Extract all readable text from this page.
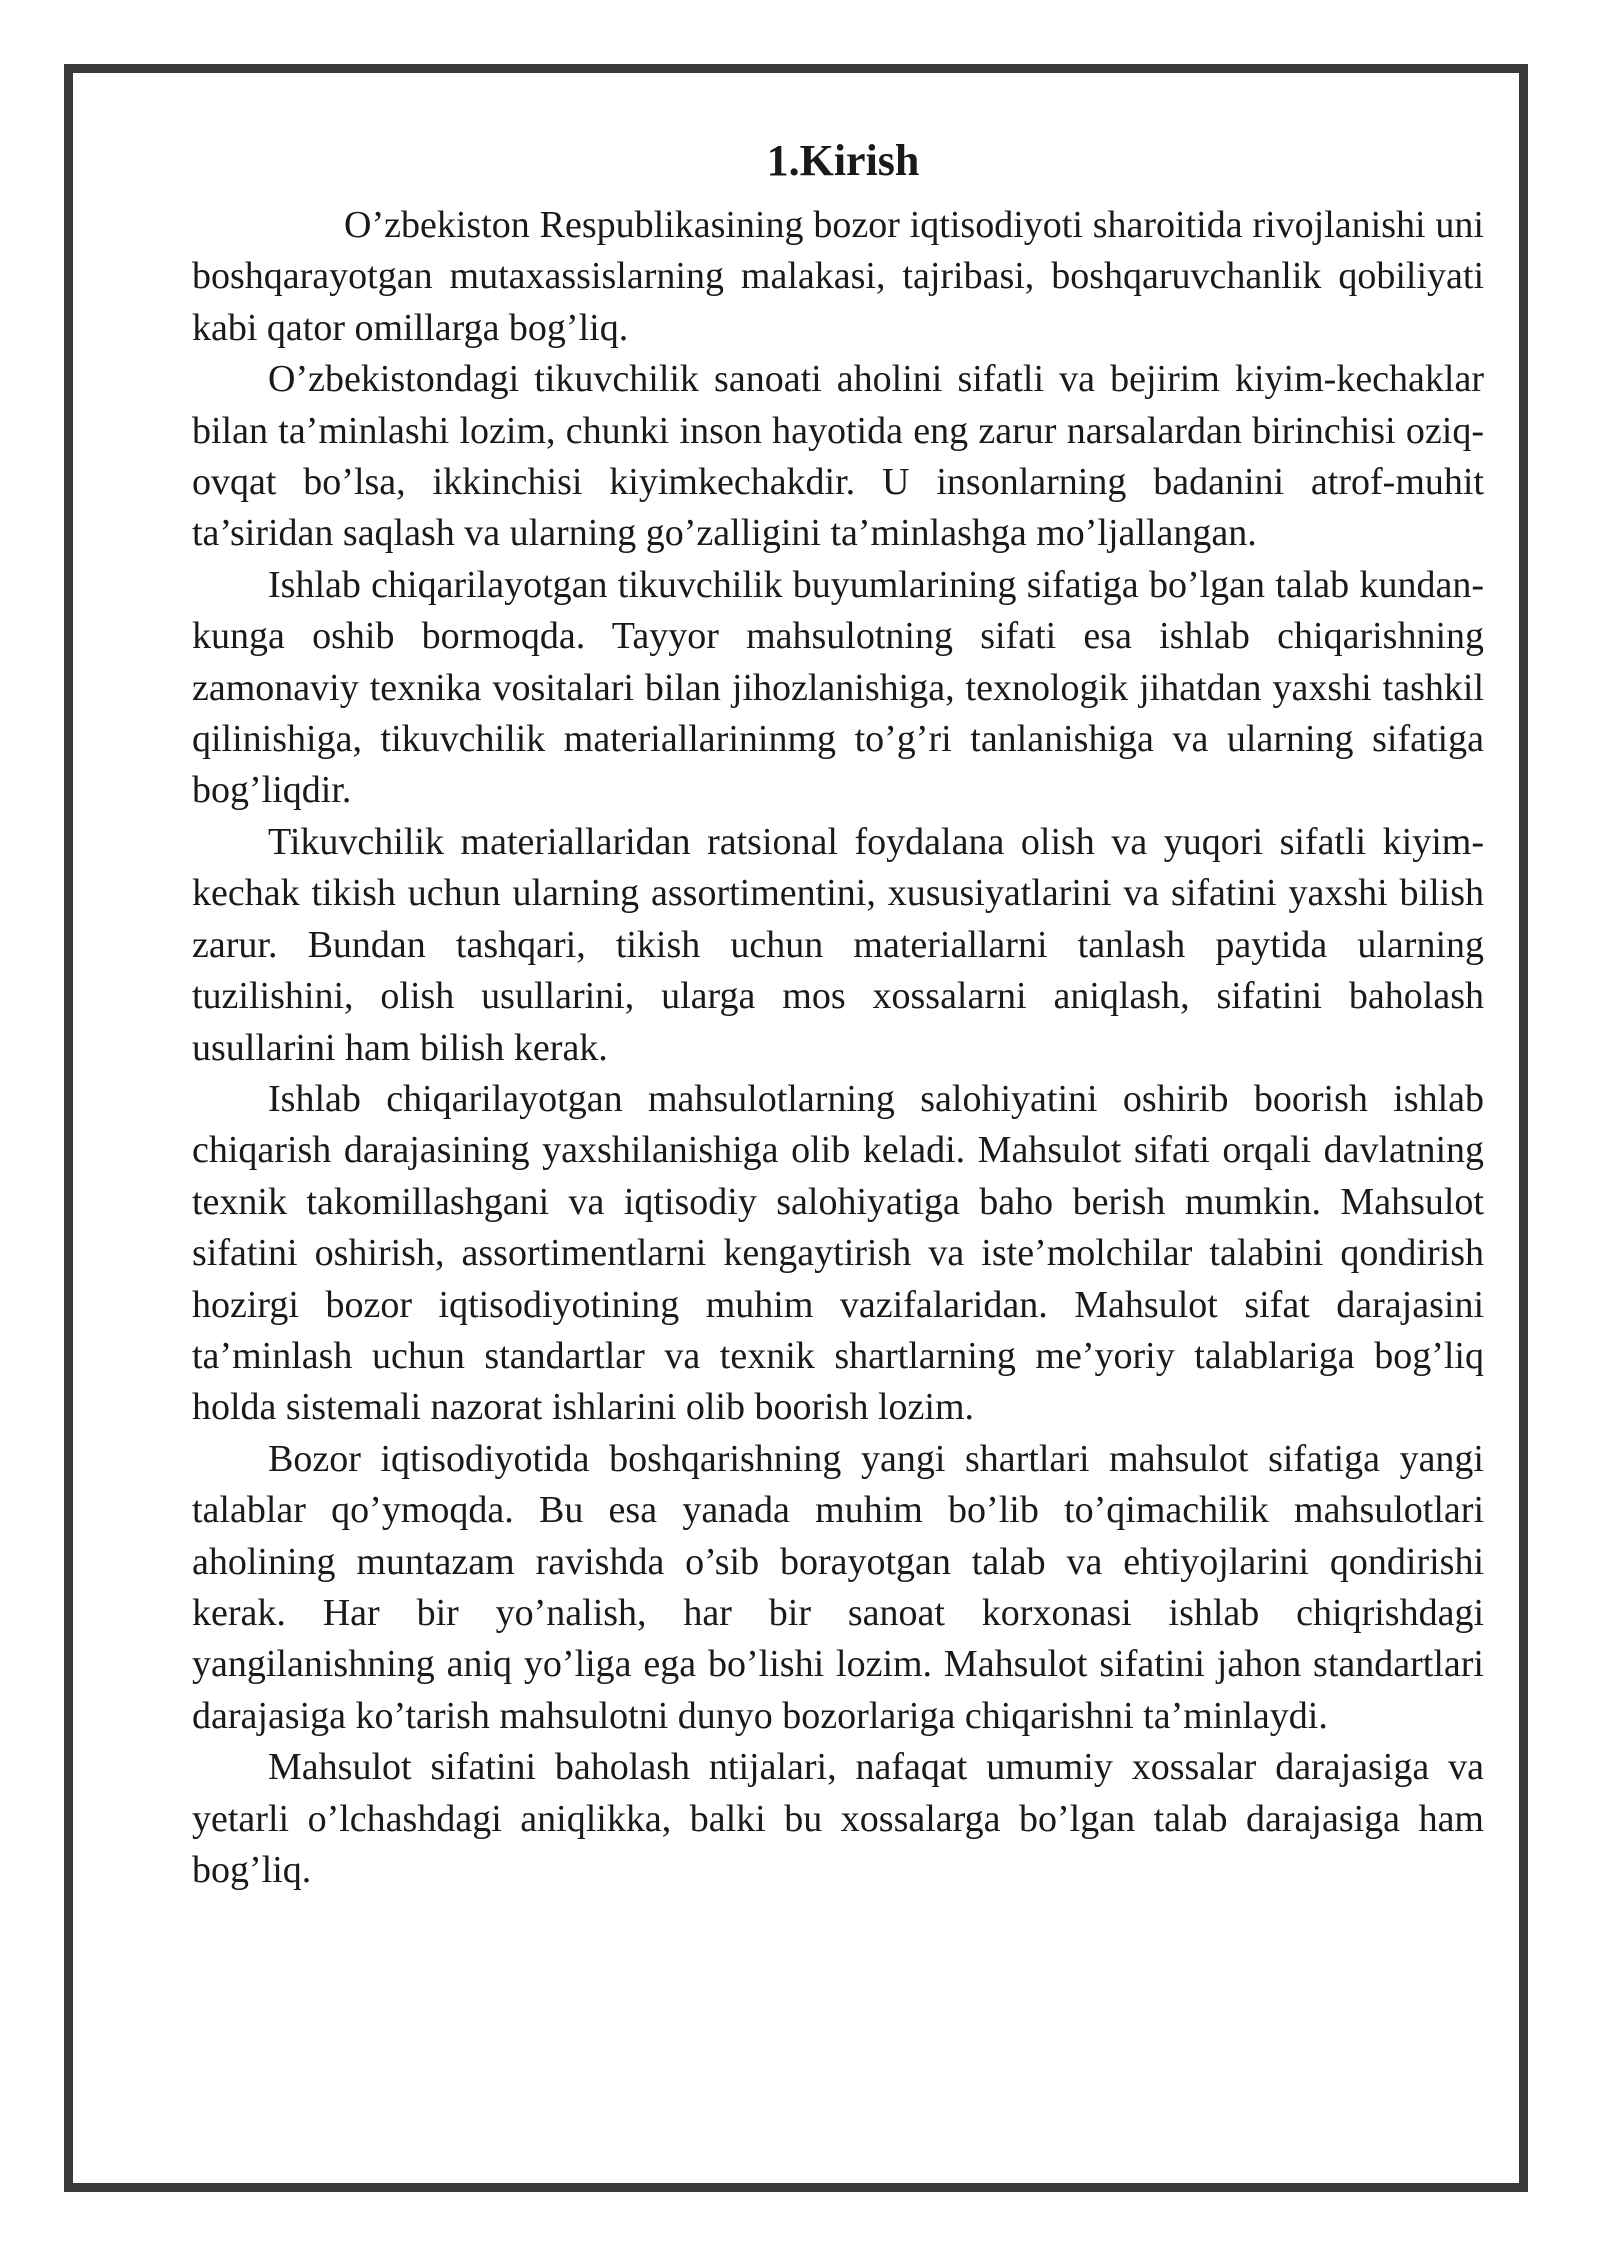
1.Kirish

O’zbekiston Respublikasining bozor iqtisodiyoti sharoitida rivojlanishi uni boshqarayotgan mutaxassislarning malakasi, tajribasi, boshqaruvchanlik qobiliyati kabi qator omillarga bog’liq.

O’zbekistondagi tikuvchilik sanoati aholini sifatli va bejirim kiyim-kechaklar bilan ta’minlashi lozim, chunki inson hayotida eng zarur narsalardan birinchisi oziq-ovqat bo’lsa, ikkinchisi kiyimkechakdir. U insonlarning badanini atrof-muhit ta’siridan saqlash va ularning go’zalligini ta’minlashga mo’ljallangan.

Ishlab chiqarilayotgan tikuvchilik buyumlarining sifatiga bo’lgan talab kundan-kunga oshib bormoqda. Tayyor mahsulotning sifati esa ishlab chiqarishning zamonaviy texnika vositalari bilan jihozlanishiga, texnologik jihatdan yaxshi tashkil qilinishiga, tikuvchilik materiallarininmg to’g’ri tanlanishiga va ularning sifatiga bog’liqdir.

Tikuvchilik materiallaridan ratsional foydalana olish va yuqori sifatli kiyim-kechak tikish uchun ularning assortimentini, xususiyatlarini va sifatini yaxshi bilish zarur. Bundan tashqari, tikish uchun materiallarni tanlash paytida ularning tuzilishini, olish usullarini, ularga mos xossalarni aniqlash, sifatini baholash usullarini ham bilish kerak.

Ishlab chiqarilayotgan mahsulotlarning salohiyatini oshirib boorish ishlab chiqarish darajasining yaxshilanishiga olib keladi. Mahsulot sifati orqali davlatning texnik takomillashgani va iqtisodiy salohiyatiga baho berish mumkin. Mahsulot sifatini oshirish, assortimentlarni kengaytirish va iste’molchilar talabini qondirish hozirgi bozor iqtisodiyotining muhim vazifalaridan. Mahsulot sifat darajasini ta’minlash uchun standartlar va texnik shartlarning me’yoriy talablariga bog’liq holda sistemali nazorat ishlarini olib boorish lozim.

Bozor iqtisodiyotida boshqarishning yangi shartlari mahsulot sifatiga yangi talablar qo’ymoqda. Bu esa yanada muhim bo’lib to’qimachilik mahsulotlari aholining muntazam ravishda o’sib borayotgan talab va ehtiyojlarini qondirishi kerak. Har bir yo’nalish, har bir sanoat korxonasi ishlab chiqrishdagi yangilanishning aniq yo’liga ega bo’lishi lozim. Mahsulot sifatini jahon standartlari darajasiga ko’tarish mahsulotni dunyo bozorlariga chiqarishni ta’minlaydi.

Mahsulot sifatini baholash ntijalari, nafaqat umumiy xossalar darajasiga va yetarli o’lchashdagi aniqlikka, balki bu xossalarga bo’lgan talab darajasiga ham bog’liq.
